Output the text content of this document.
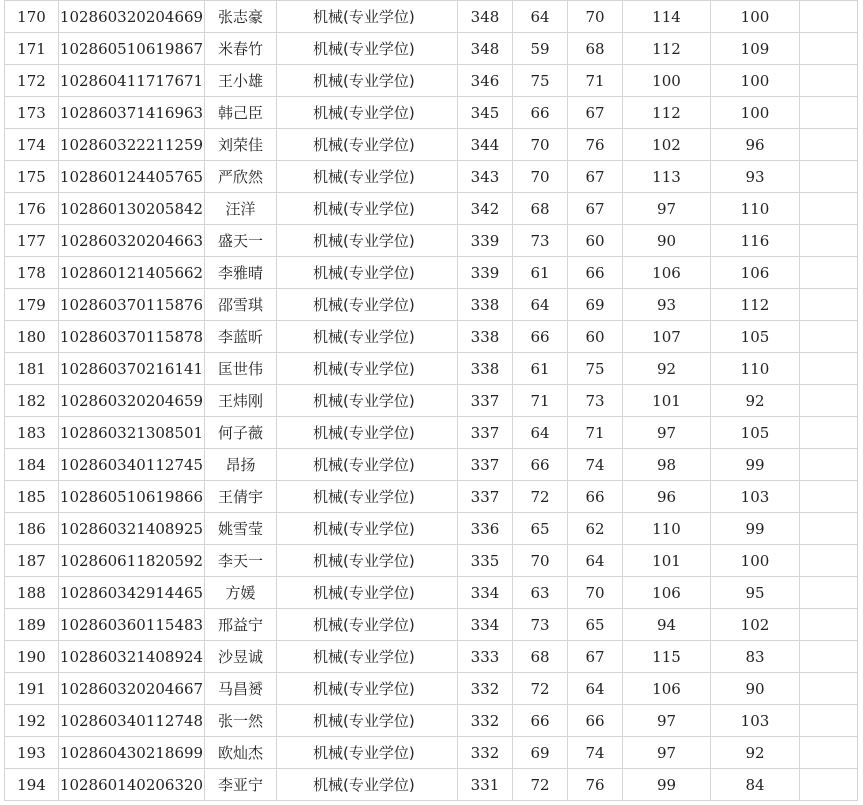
170	102860320204669	张志豪	机械(专业学位)	348	64	70	114	100	
171	102860510619867	米春竹	机械(专业学位)	348	59	68	112	109	
172	102860411717671	王小雄	机械(专业学位)	346	75	71	100	100	
173	102860371416963	韩己臣	机械(专业学位)	345	66	67	112	100	
174	102860322211259	刘荣佳	机械(专业学位)	344	70	76	102	96	
175	102860124405765	严欣然	机械(专业学位)	343	70	67	113	93	
176	102860130205842	汪洋	机械(专业学位)	342	68	67	97	110	
177	102860320204663	盛天一	机械(专业学位)	339	73	60	90	116	
178	102860121405662	李雅晴	机械(专业学位)	339	61	66	106	106	
179	102860370115876	邵雪琪	机械(专业学位)	338	64	69	93	112	
180	102860370115878	李蓝昕	机械(专业学位)	338	66	60	107	105	
181	102860370216141	匡世伟	机械(专业学位)	338	61	75	92	110	
182	102860320204659	王炜刚	机械(专业学位)	337	71	73	101	92	
183	102860321308501	何子薇	机械(专业学位)	337	64	71	97	105	
184	102860340112745	昂扬	机械(专业学位)	337	66	74	98	99	
185	102860510619866	王倩宇	机械(专业学位)	337	72	66	96	103	
186	102860321408925	姚雪莹	机械(专业学位)	336	65	62	110	99	
187	102860611820592	李天一	机械(专业学位)	335	70	64	101	100	
188	102860342914465	方媛	机械(专业学位)	334	63	70	106	95	
189	102860360115483	邢益宁	机械(专业学位)	334	73	65	94	102	
190	102860321408924	沙昱诚	机械(专业学位)	333	68	67	115	83	
191	102860320204667	马昌赟	机械(专业学位)	332	72	64	106	90	
192	102860340112748	张一然	机械(专业学位)	332	66	66	97	103	
193	102860430218699	欧灿杰	机械(专业学位)	332	69	74	97	92	
194	102860140206320	李亚宁	机械(专业学位)	331	72	76	99	84	
